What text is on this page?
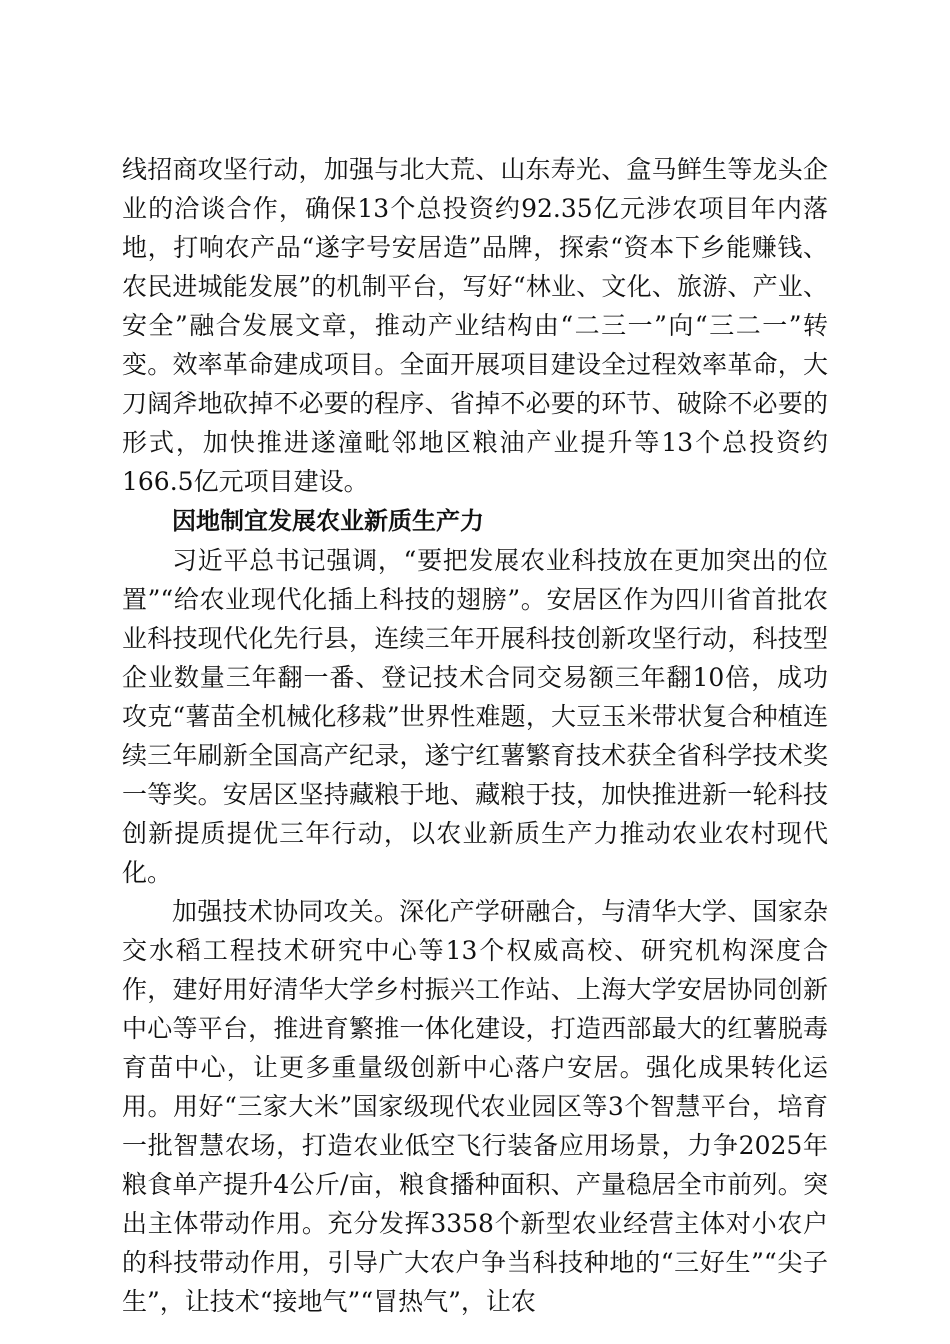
线招商攻坚行动，加强与北大荒、山东寿光、盒马鲜生等龙头企业的洽谈合作，确保13个总投资约92.35亿元涉农项目年内落地，打响农产品“遂字号安居造”品牌，探索“资本下乡能赚钱、农民进城能发展”的机制平台，写好“林业、文化、旅游、产业、安全”融合发展文章，推动产业结构由“二三一”向“三二一”转变。效率革命建成项目。全面开展项目建设全过程效率革命，大刀阔斧地砍掉不必要的程序、省掉不必要的环节、破除不必要的形式，加快推进遂潼毗邻地区粮油产业提升等13个总投资约166.5亿元项目建设。

因地制宜发展农业新质生产力

习近平总书记强调，“要把发展农业科技放在更加突出的位置”“给农业现代化插上科技的翅膀”。安居区作为四川省首批农业科技现代化先行县，连续三年开展科技创新攻坚行动，科技型企业数量三年翻一番、登记技术合同交易额三年翻10倍，成功攻克“薯苗全机械化移栽”世界性难题，大豆玉米带状复合种植连续三年刷新全国高产纪录，遂宁红薯繁育技术获全省科学技术奖一等奖。安居区坚持藏粮于地、藏粮于技，加快推进新一轮科技创新提质提优三年行动，以农业新质生产力推动农业农村现代化。

加强技术协同攻关。深化产学研融合，与清华大学、国家杂交水稻工程技术研究中心等13个权威高校、研究机构深度合作，建好用好清华大学乡村振兴工作站、上海大学安居协同创新中心等平台，推进育繁推一体化建设，打造西部最大的红薯脱毒育苗中心，让更多重量级创新中心落户安居。强化成果转化运用。用好“三家大米”国家级现代农业园区等3个智慧平台，培育一批智慧农场，打造农业低空飞行装备应用场景，力争2025年粮食单产提升4公斤/亩，粮食播种面积、产量稳居全市前列。突出主体带动作用。充分发挥3358个新型农业经营主体对小农户的科技带动作用，引导广大农户争当科技种地的“三好生”“尖子生”，让技术“接地气”“冒热气”，让农
